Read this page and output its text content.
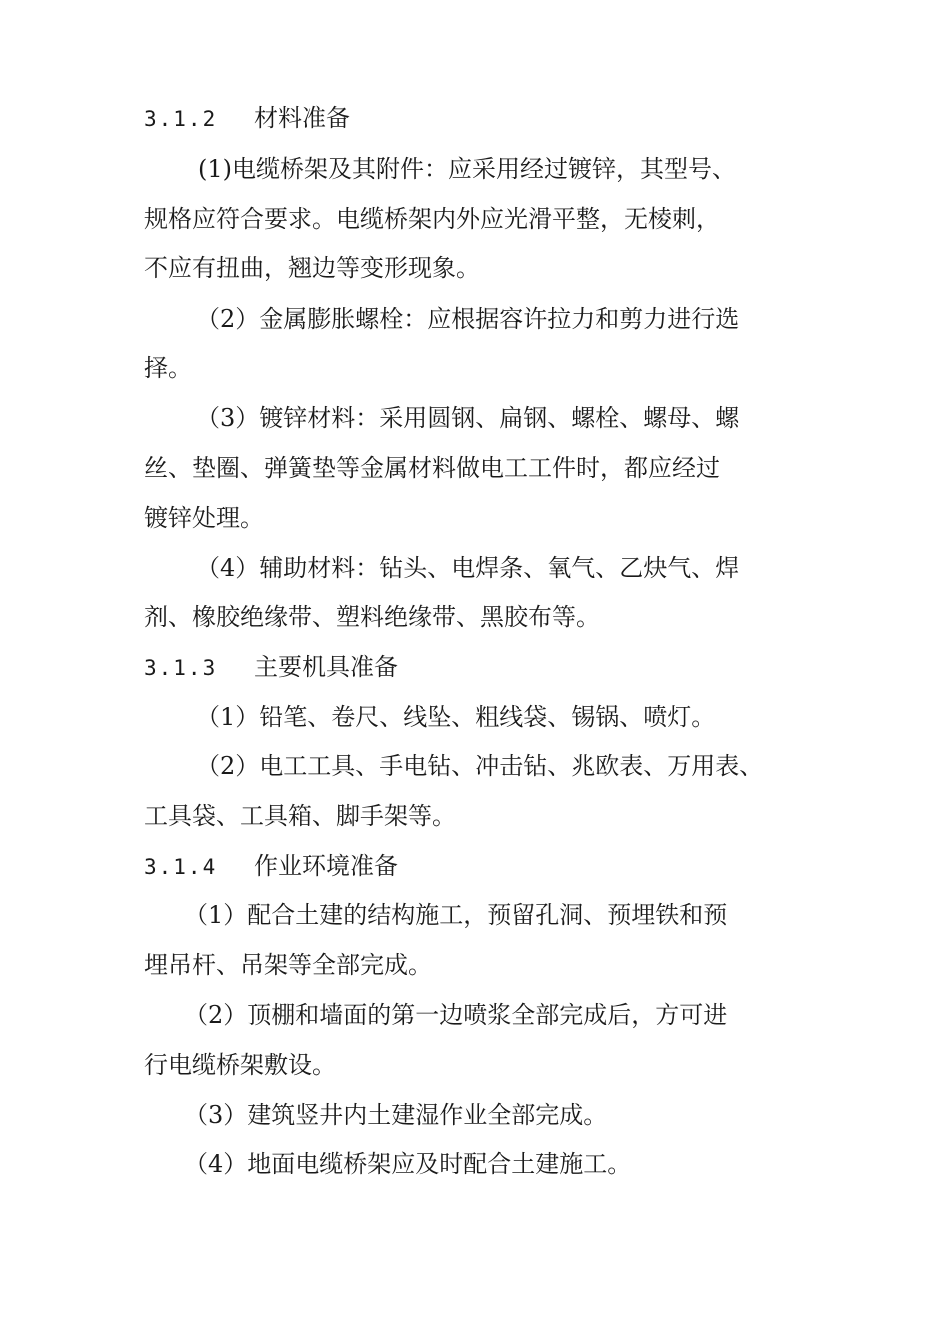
3.1.2 材料准备
(1)电缆桥架及其附件：应采用经过镀锌，其型号、
规格应符合要求。电缆桥架内外应光滑平整，无棱刺，
不应有扭曲，翘边等变形现象。
（2）金属膨胀螺栓：应根据容许拉力和剪力进行选
择。
（3）镀锌材料：采用圆钢、扁钢、螺栓、螺母、螺
丝、垫圈、弹簧垫等金属材料做电工工件时，都应经过
镀锌处理。
（4）辅助材料：钻头、电焊条、氧气、乙炔气、焊
剂、橡胶绝缘带、塑料绝缘带、黑胶布等。
3.1.3 主要机具准备
（1）铅笔、卷尺、线坠、粗线袋、锡锅、喷灯。
（2）电工工具、手电钻、冲击钻、兆欧表、万用表、
工具袋、工具箱、脚手架等。
3.1.4 作业环境准备
（1）配合土建的结构施工，预留孔洞、预埋铁和预
埋吊杆、吊架等全部完成。
（2）顶棚和墙面的第一边喷浆全部完成后，方可进
行电缆桥架敷设。
（3）建筑竖井内土建湿作业全部完成。
（4）地面电缆桥架应及时配合土建施工。
